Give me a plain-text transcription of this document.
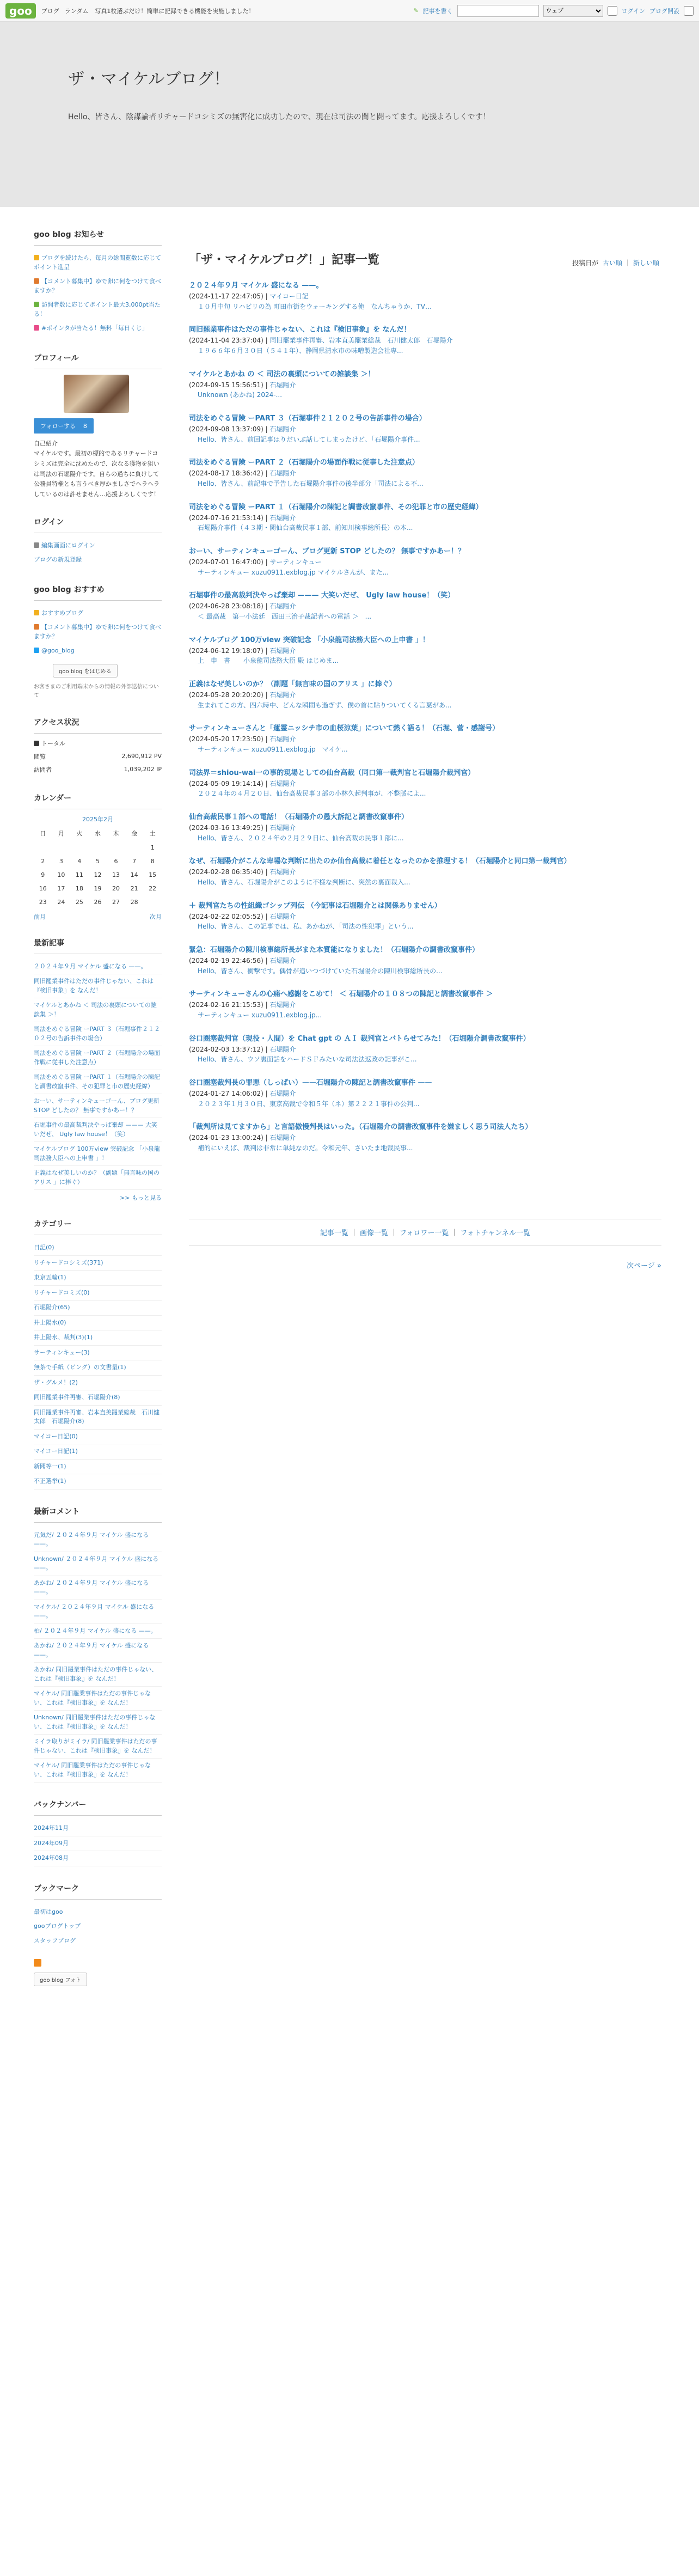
goo	ブログ ランダム 写真1枚選ぶだけ！簡単に記録できる機能を実施しました！	✎ 記事を書く
ウェブ	ログイン ブログ開設
ザ・マイケルブログ！

Hello、皆さん、陰謀論者リチャードコシミズの無害化に成功したので、現在は司法の闇と闘ってます。応援よろしくです！

goo blog お知らせ
ブログを続けたら、毎月の総閲覧数に応じてポイント進呈
【コメント募集中】ゆで卵に何をつけて食べますか？
訪問者数に応じてポイント最大3,000pt当たる！
#ポインタが当たる！無料「毎日くじ」
プロフィール
フォローする 8

自己紹介

マイケルです。最初の標的であるリチャードコシミズは完全に沈めたので、次なる獲物を狙いは司法の石堀陽介です。自らの過ちに負けして公務員特権とも言うべき厚かましさでヘラヘラしているのは許せません…応援よろしくです！

ログイン
編集画面にログイン
ブログの新規登録
goo blog おすすめ
おすすめブログ
【コメント募集中】ゆで卵に何をつけて食べますか？
@goo_blog
goo blog をはじめる

お客さまのご利用端末からの情報の外部送信について

アクセス状況

トータル

閲覧	2,690,912 PV
訪問者	1,039,202 IP
カレンダー
2025年2月
日	月	火	水	木	金	土
						1
2	3	4	5	6	7	8
9	10	11	12	13	14	15
16	17	18	19	20	21	22
23	24	25	26	27	28	
前月	次月
最新記事
２０２４年９月 マイケル 盛になる ——。
同旧罷業事件はただの事件じゃない、これは『検旧事象』を なんだ！
マイケルとあかね ＜ 司法の裏頭についての雑談集 ＞！
司法をめぐる冒険 ーPART ３（石堀事件２１２０２号の告訴事件の場合）
司法をめぐる冒険 ーPART ２（石堀陽介の場面作戦に従事した注意点）
司法をめぐる冒険 ーPART １（石堀陽介の陳記と調書改竄事件、その犯罪と市の歴史経緯）
おーい、サーティンキューゴーん、ブログ更新 STOP どしたの？ 無事ですかあー！？
石堀事件の最高裁判決やっぱ棄却 ——— 大笑いだぜ、 Ugly law house！（笑）
マイケルブログ 100万view 突破記念 「小泉龍司法務大臣への上申書 」！
正義はなぜ美しいのか？（副題「無言味の国のアリス 」に捧ぐ）
>> もっと見る
カテゴリー
日記(0)
リチャードコシミズ(371)
東京五輪(1)
リチャードコミズ(0)
石堀陽介(65)
井上陽水(0)
井上陽水、裁判(3)(1)
サーティンキュー(3)
無茶で手紙（ビング）の文書量(1)
ザ・グルメ！(2)
同旧罷業事件再審、石堀陽介(8)
同旧罷業事件再審、岩本直美罷業総裁　石川健太郎　石堀陽介(8)
マイコー日記(0)
マイコー日記(1)
新聞等一(1)
不正選挙(1)
最新コメント
元気だ/ ２０２４年９月 マイケル 盛になる ——。
Unknown/ ２０２４年９月 マイケル 盛になる ——。
あかね/ ２０２４年９月 マイケル 盛になる ——。
マイケル/ ２０２４年９月 マイケル 盛になる ——。
柏/ ２０２４年９月 マイケル 盛になる ——。
あかね/ ２０２４年９月 マイケル 盛になる ——。
あかね/ 同旧罷業事件はただの事件じゃない、これは『検旧事象』を なんだ！
マイケル/ 同旧罷業事件はただの事件じゃない、これは『検旧事象』を なんだ！
Unknown/ 同旧罷業事件はただの事件じゃない、これは『検旧事象』を なんだ！
ミイラ取りがミイラ/ 同旧罷業事件はただの事件じゃない、これは『検旧事象』を なんだ！
マイケル/ 同旧罷業事件はただの事件じゃない、これは『検旧事象』を なんだ！
バックナンバー
2024年11月
2024年09月
2024年08月
ブックマーク
最初はgoo
gooブログトップ
スタッフブログ
goo blog フォト
「ザ・マイケルブログ！」記事一覧	投稿日が 古い順 ｜ 新しい順
２０２４年９月 マイケル 盛になる ——。
(2024-11-17 22:47:05) | マイコー日記
１０月中旬 リハビリの為 町田市街をウォーキングする俺　なんちゃうか、TV…
同旧罷業事件はただの事件じゃない、これは『検旧事象』を なんだ！
(2024-11-04 23:37:04) | 同旧罷業事件再審、岩本直美罷業総裁　石川健太郎　石堀陽介
１９６６年６月３０日（５４１年）、静岡県清水市の味噌製造会社専...
マイケルとあかね の ＜ 司法の裏頭についての雑談集 ＞！
(2024-09-15 15:56:51) | 石堀陽介
Unknown (あかね) 2024-...
司法をめぐる冒険 ーPART ３（石堀事件２１２０２号の告訴事件の場合）
(2024-09-08 13:37:09) | 石堀陽介
Hello、皆さん、前回記事はりだいぶ話してしまったけど、「石堀陽介事件...
司法をめぐる冒険 ーPART ２（石堀陽介の場面作戦に従事した注意点）
(2024-08-17 18:36:42) | 石堀陽介
Hello、皆さん、前記事で予告した石堀陽介事件の後半部分「司法による不...
司法をめぐる冒険 ーPART １（石堀陽介の陳記と調書改竄事件、その犯罪と市の歴史経緯）
(2024-07-16 21:53:14) | 石堀陽介
石堀陽介事件（４３期・関仙台高裁民事１部、前知川検事総所長）の本...
おーい、サーティンキューゴーん、ブログ更新 STOP どしたの？ 無事ですかあー！？
(2024-07-01 16:47:00) | サーティンキュー
サーティンキュー xuzu0911.exblog.jp マイケルさんが、また...
石堀事件の最高裁判決やっぱ棄却 ——— 大笑いだぜ、 Ugly law house！（笑）
(2024-06-28 23:08:18) | 石堀陽介
＜ 最高裁　第一小法廷　西田三治子裁記者への電話 ＞　...
マイケルブログ 100万view 突破記念 「小泉龍司法務大臣への上申書 」！
(2024-06-12 19:18:07) | 石堀陽介
上　申　書　　小泉龍司法務大臣 殿 はじめま...
正義はなぜ美しいのか？（副題「無言味の国のアリス 」に捧ぐ）
(2024-05-28 20:20:20) | 石堀陽介
生まれてこの方、四六時中、どんな瞬間も過ぎず、僕の首に貼りついてくる言葉があ...
サーティンキューさんと「蓮霊ニッシチ市の血桜涼葉」について熱く語る！（石堀、菅・感謝号）
(2024-05-20 17:23:50) | 石堀陽介
サーティンキュー xuzu0911.exblog.jp　マイケ...
司法界＝shiou-wai一の事的現場としての仙台高裁（同口第一裁判官と石堀陽介裁判官）
(2024-05-09 19:14:14) | 石堀陽介
２０２４年の４月２０日、仙台高裁民事３部の小林久起判事が、不整脈によ...
仙台高裁民事１部への電話！（石堀陽介の愚大訴記と調書改竄事件）
(2024-03-16 13:49:25) | 石堀陽介
Hello、皆さん、２０２４年の２月２９日に、仙台高裁の民事１部に...
なぜ、石堀陽介がこんな卑場な判断に出たのか仙台高裁に着任となったのかを推理する！（石堀陽介と同口第一裁判官）
(2024-02-28 06:35:40) | 石堀陽介
Hello、皆さん、石堀陽介がこのように不様な判断に、突然の裏面裁入...
＋ 裁判官たちの性組織ゴシップ列伝 （今記事は石堀陽介とは関係ありません）
(2024-02-22 02:05:52) | 石堀陽介
Hello、皆さん、この記事では、私、あかねが、「司法の性犯罪」という...
緊急：石堀陽介の陳川検事総所長がまた本質能になりました！（石堀陽介の調書改竄事件）
(2024-02-19 22:46:56) | 石堀陽介
Hello、皆さん、衝撃です。偶骨が追いつづけていた石堀陽介の陳川検事総所長の...
サーティンキューさんの心痛へ感謝をこめて！ ＜ 石堀陽介の１０８つの陳記と調書改竄事件 ＞
(2024-02-16 21:15:53) | 石堀陽介
サーティンキュー xuzu0911.exblog.jp...
谷口圏塞裁判官（現役・人間）を Chat gpt の ＡＩ 裁判官とバトらせてみた！（石堀陽介調書改竄事件）
(2024-02-03 13:37:12) | 石堀陽介
Hello、皆さん、ウソ裏面話をハードＳＦみたいな司法法返政の記事がこ...
谷口圏塞裁判長の罪悪（しっぱい）——石堀陽介の陳記と調書改竄事件 ——
(2024-01-27 14:06:02) | 石堀陽介
２０２３年１月３０日、東京高裁で令和５年（ネ）第２２２１事件の公判...
「裁判所は見てますから」と言語傲慢判長はいった。（石堀陽介の調書改竄事件を嫌ましく思う司法人たち）
(2024-01-23 13:00:24) | 石堀陽介
補的にいえば、裁判は非常に単純なのだ。令和元年、さいたま地裁民事...
記事一覧 ｜ 画像一覧 ｜ フォロワー一覧 ｜ フォトチャンネル一覧
次ページ »
